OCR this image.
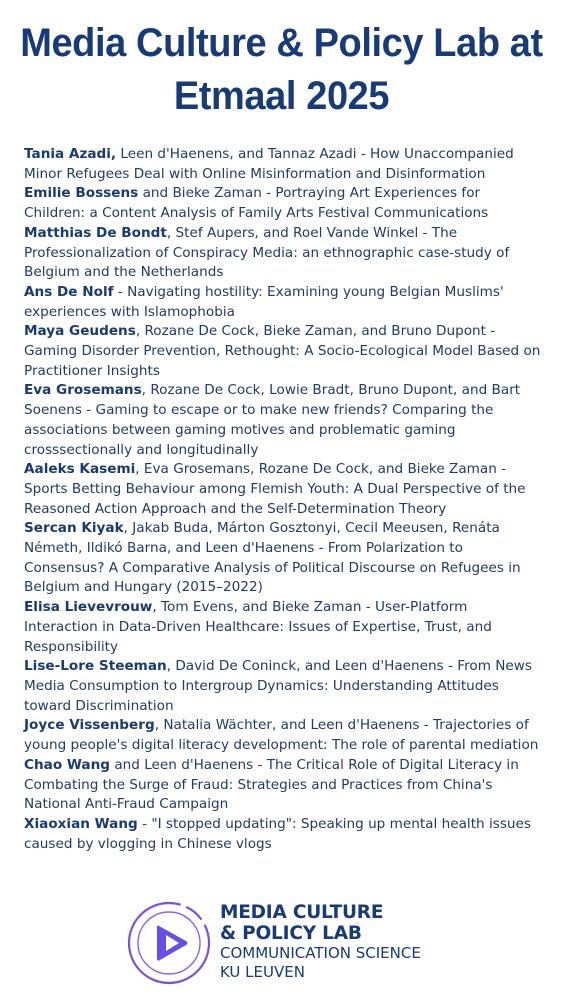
Media Culture & Policy Lab at Etmaal 2025
Tania Azadi, Leen d'Haenens, and Tannaz Azadi - How Unaccompanied Minor Refugees Deal with Online Misinformation and Disinformation
Emilie Bossens and Bieke Zaman - Portraying Art Experiences for Children: a Content Analysis of Family Arts Festival Communications
Matthias De Bondt, Stef Aupers, and Roel Vande Winkel - The Professionalization of Conspiracy Media: an ethnographic case-study of Belgium and the Netherlands
Ans De Nolf - Navigating hostility: Examining young Belgian Muslims' experiences with Islamophobia
Maya Geudens, Rozane De Cock, Bieke Zaman, and Bruno Dupont - Gaming Disorder Prevention, Rethought: A Socio-Ecological Model Based on Practitioner Insights
Eva Grosemans, Rozane De Cock, Lowie Bradt, Bruno Dupont, and Bart Soenens - Gaming to escape or to make new friends? Comparing the associations between gaming motives and problematic gaming crosssectionally and longitudinally
Aaleks Kasemi, Eva Grosemans, Rozane De Cock, and Bieke Zaman - Sports Betting Behaviour among Flemish Youth: A Dual Perspective of the Reasoned Action Approach and the Self-Determination Theory
Sercan Kiyak, Jakab Buda, Márton Gosztonyi, Cecil Meeusen, Renáta Németh, Ildikó Barna, and Leen d'Haenens - From Polarization to Consensus? A Comparative Analysis of Political Discourse on Refugees in Belgium and Hungary (2015–2022)
Elisa Lievevrouw, Tom Evens, and Bieke Zaman - User-Platform Interaction in Data-Driven Healthcare: Issues of Expertise, Trust, and Responsibility
Lise-Lore Steeman, David De Coninck, and Leen d'Haenens - From News Media Consumption to Intergroup Dynamics: Understanding Attitudes toward Discrimination
Joyce Vissenberg, Natalia Wächter, and Leen d'Haenens - Trajectories of young people's digital literacy development: The role of parental mediation
Chao Wang and Leen d'Haenens - The Critical Role of Digital Literacy in Combating the Surge of Fraud: Strategies and Practices from China's National Anti-Fraud Campaign
Xiaoxian Wang - "I stopped updating": Speaking up mental health issues caused by vlogging in Chinese vlogs
MEDIA CULTURE
& POLICY LAB
COMMUNICATION SCIENCE
KU LEUVEN
